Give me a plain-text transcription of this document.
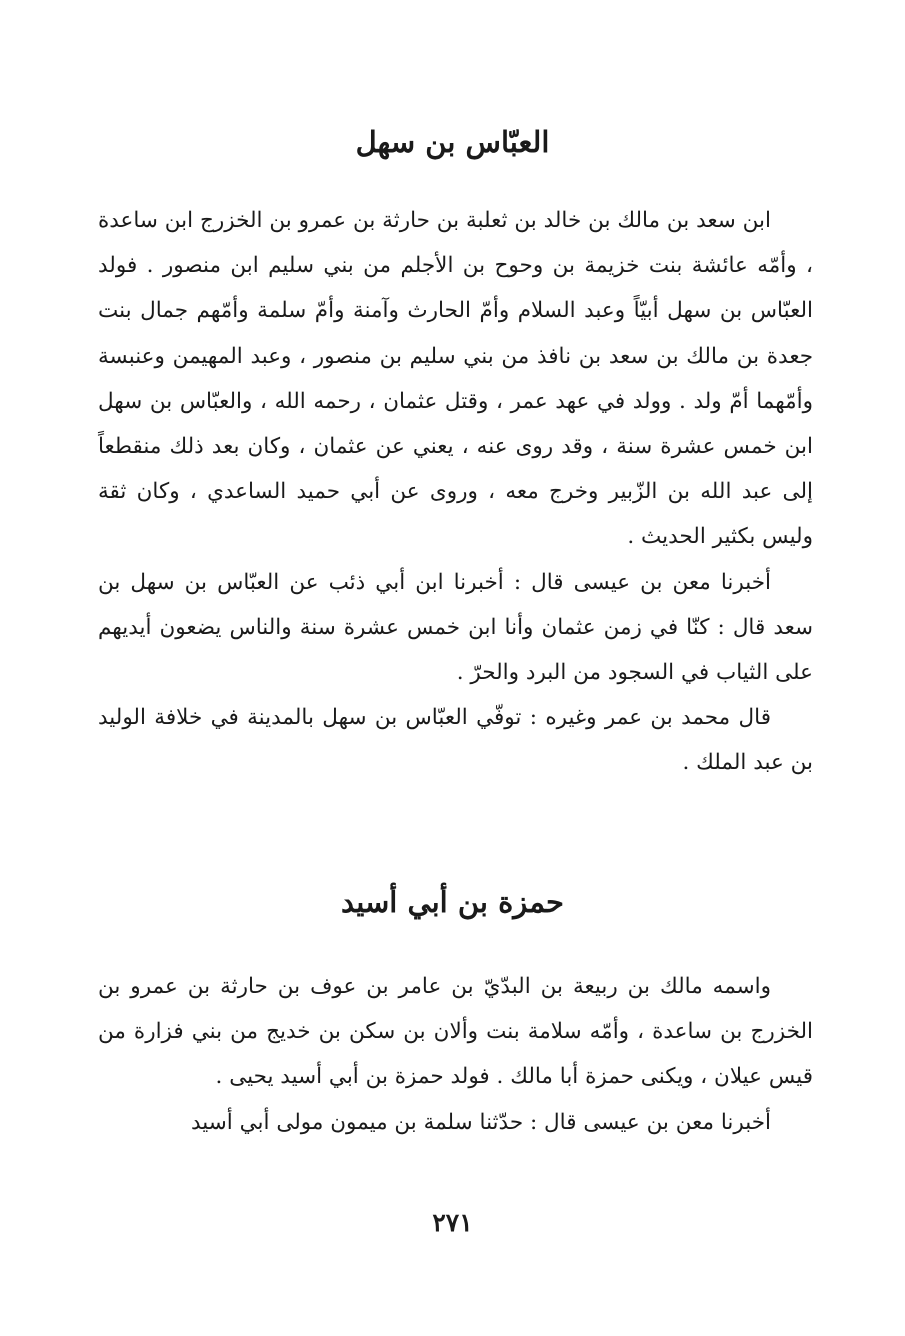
العبّاس بن سهل

ابن سعد بن مالك بن خالد بن ثعلبة بن حارثة بن عمرو بن الخزرج ابن ساعدة ، وأمّه عائشة بنت خزيمة بن وحوح بن الأجلم من بني سليم ابن منصور . فولد العبّاس بن سهل أبيّاً وعبد السلام وأمّ الحارث وآمنة وأمّ سلمة وأمّهم جمال بنت جعدة بن مالك بن سعد بن نافذ من بني سليم بن منصور ، وعبد المهيمن وعنبسة وأمّهما أمّ ولد . وولد في عهد عمر ، وقتل عثمان ، رحمه الله ، والعبّاس بن سهل ابن خمس عشرة سنة ، وقد روى عنه ، يعني عن عثمان ، وكان بعد ذلك منقطعاً إلى عبد الله بن الزّبير وخرج معه ، وروى عن أبي حميد الساعدي ، وكان ثقة وليس بكثير الحديث .

أخبرنا معن بن عيسى قال : أخبرنا ابن أبي ذئب عن العبّاس بن سهل بن سعد قال : كنّا في زمن عثمان وأنا ابن خمس عشرة سنة والناس يضعون أيديهم على الثياب في السجود من البرد والحرّ .

قال محمد بن عمر وغيره : توفّي العبّاس بن سهل بالمدينة في خلافة الوليد بن عبد الملك .

حمزة بن أبي أسيد

واسمه مالك بن ربيعة بن البدّيّ بن عامر بن عوف بن حارثة بن عمرو بن الخزرج بن ساعدة ، وأمّه سلامة بنت وألان بن سكن بن خديج من بني فزارة من قيس عيلان ، ويكنى حمزة أبا مالك . فولد حمزة بن أبي أسيد يحيى .

أخبرنا معن بن عيسى قال : حدّثنا سلمة بن ميمون مولى أبي أسيد

٢٧١
